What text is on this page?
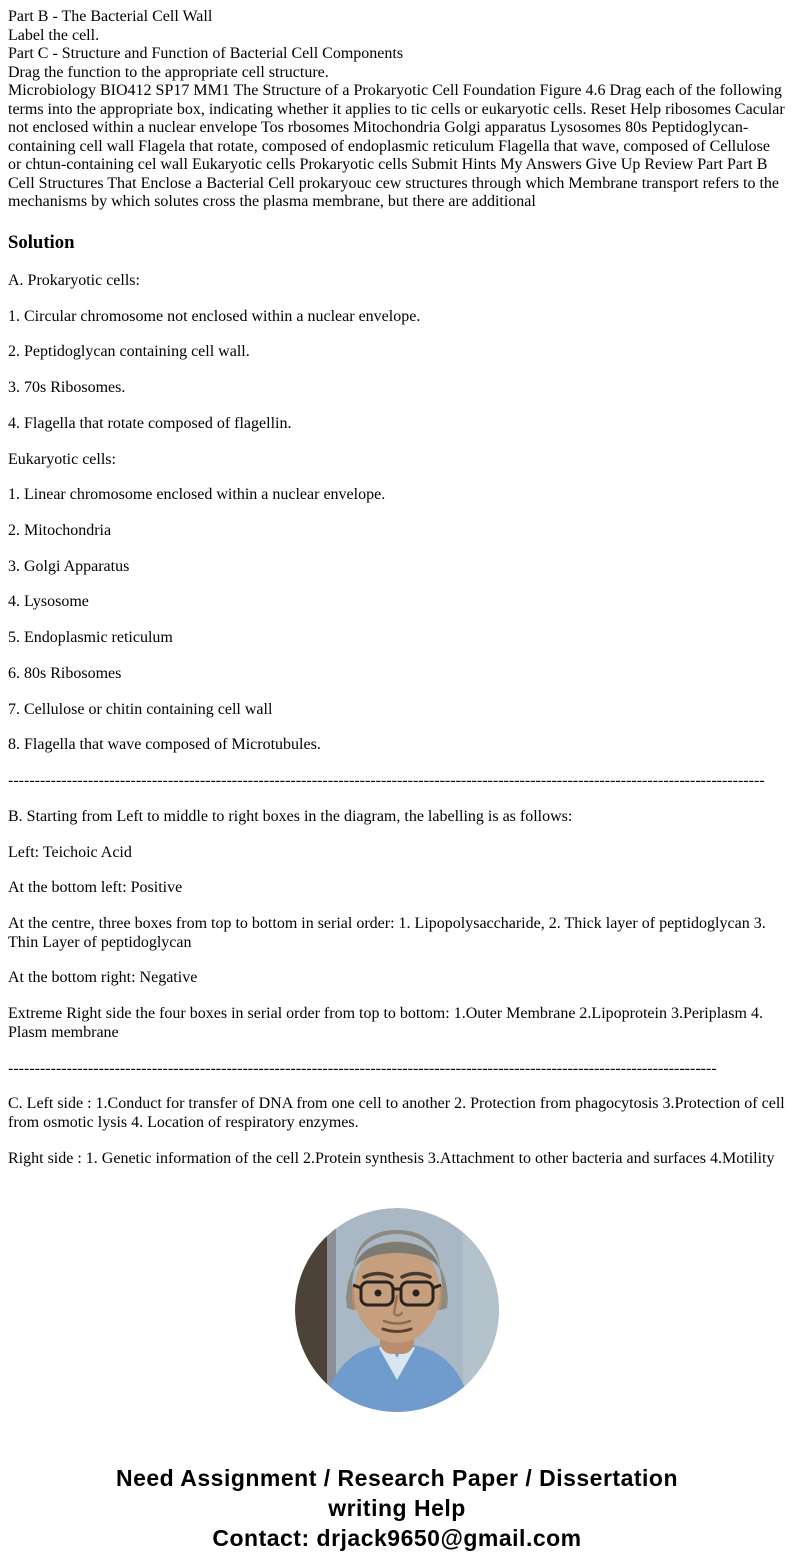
Part B - The Bacterial Cell Wall
Label the cell.
Part C - Structure and Function of Bacterial Cell Components
Drag the function to the appropriate cell structure.
Microbiology BIO412 SP17 MM1 The Structure of a Prokaryotic Cell Foundation Figure 4.6 Drag each of the following terms into the appropriate box, indicating whether it applies to tic cells or eukaryotic cells. Reset Help ribosomes Cacular not enclosed within a nuclear envelope Tos rbosomes Mitochondria Golgi apparatus Lysosomes 80s Peptidoglycan-containing cell wall Flagela that rotate, composed of endoplasmic reticulum Flagella that wave, composed of Cellulose or chtun-containing cel wall Eukaryotic cells Prokaryotic cells Submit Hints My Answers Give Up Review Part Part B Cell Structures That Enclose a Bacterial Cell prokaryouc cew structures through which Membrane transport refers to the mechanisms by which solutes cross the plasma membrane, but there are additional
Solution

A. Prokaryotic cells:

1. Circular chromosome not enclosed within a nuclear envelope.

2. Peptidoglycan containing cell wall.

3. 70s Ribosomes.

4. Flagella that rotate composed of flagellin.

Eukaryotic cells:

1. Linear chromosome enclosed within a nuclear envelope.

2. Mitochondria

3. Golgi Apparatus

4. Lysosome

5. Endoplasmic reticulum

6. 80s Ribosomes

7. Cellulose or chitin containing cell wall

8. Flagella that wave composed of Microtubules.

----------------------------------------------------------------------------------------------------------------------------------------------

B. Starting from Left to middle to right boxes in the diagram, the labelling is as follows:

Left: Teichoic Acid

At the bottom left: Positive

At the centre, three boxes from top to bottom in serial order: 1. Lipopolysaccharide, 2. Thick layer of peptidoglycan 3. Thin Layer of peptidoglycan

At the bottom right: Negative

Extreme Right side the four boxes in serial order from top to bottom: 1.Outer Membrane 2.Lipoprotein 3.Periplasm 4. Plasm membrane

-------------------------------------------------------------------------------------------------------------------------------------

C. Left side : 1.Conduct for transfer of DNA from one cell to another 2. Protection from phagocytosis 3.Protection of cell from osmotic lysis 4. Location of respiratory enzymes.

Right side : 1. Genetic information of the cell 2.Protein synthesis 3.Attachment to other bacteria and surfaces 4.Motility

Need Assignment / Research Paper / Dissertation
writing Help
Contact: drjack9650@gmail.com
